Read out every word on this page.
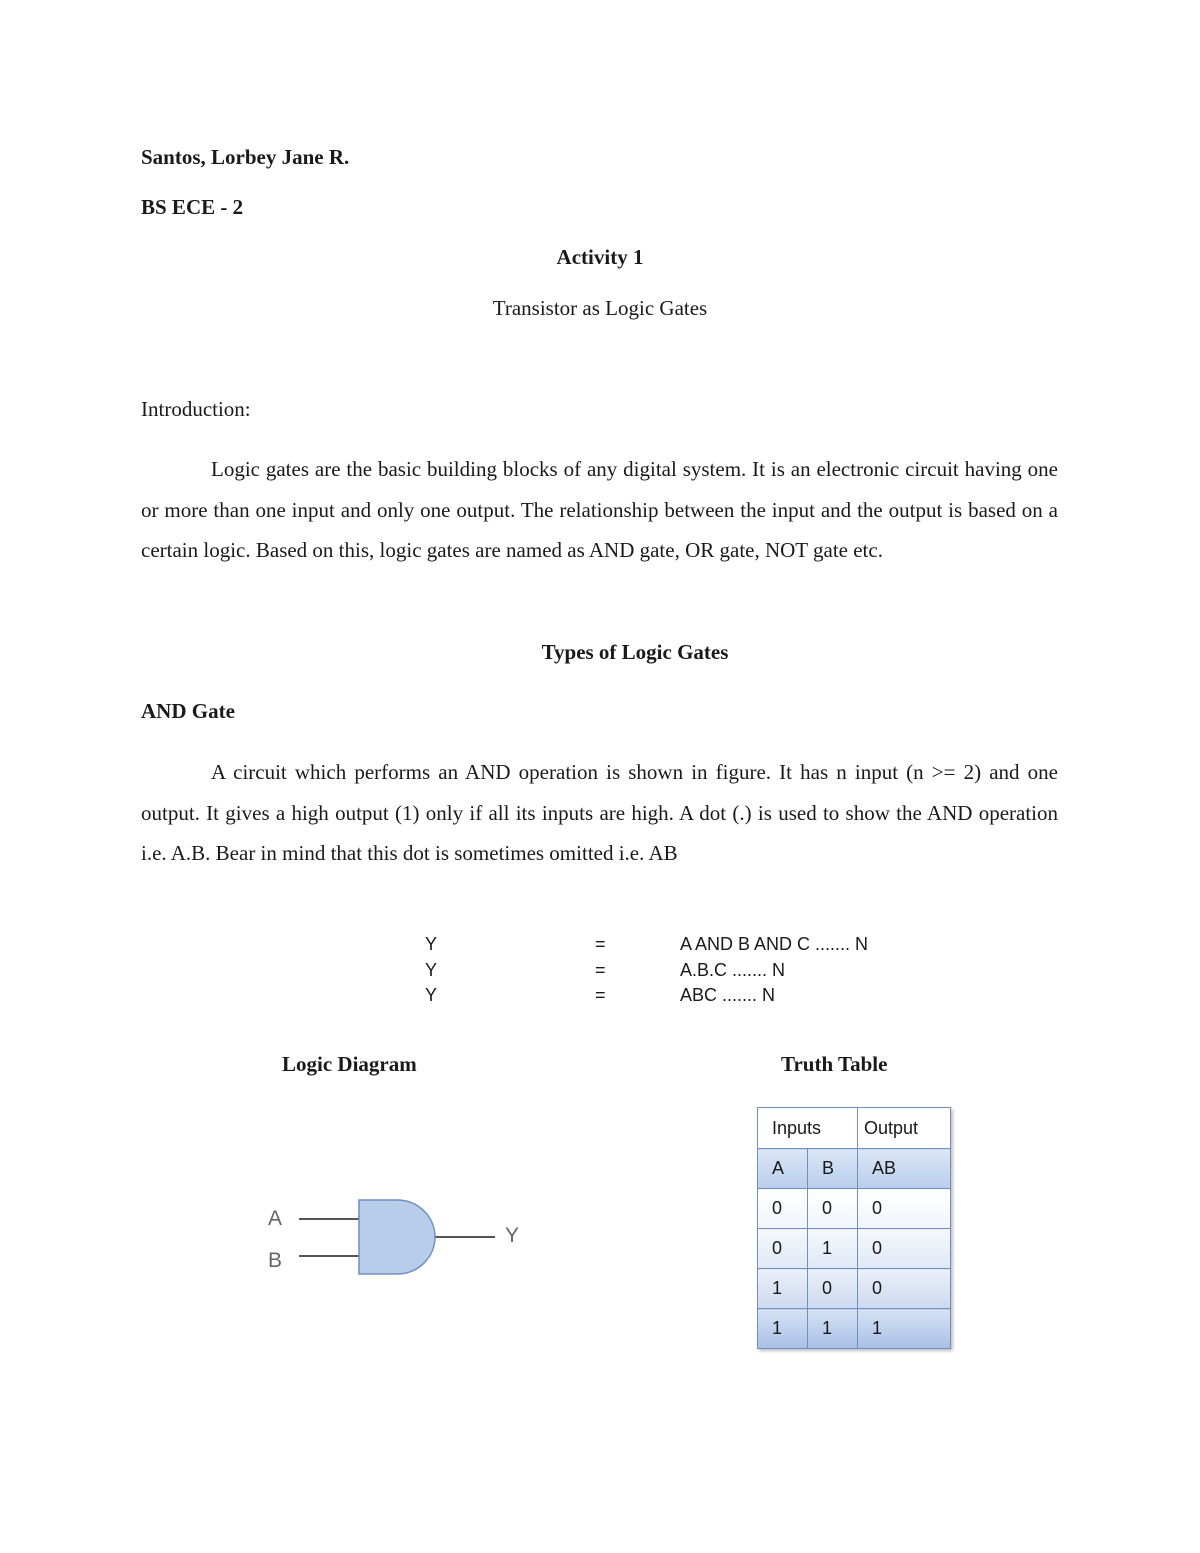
Santos, Lorbey Jane R.
BS ECE - 2
Activity 1
Transistor as Logic Gates
Introduction:

Logic gates are the basic building blocks of any digital system. It is an electronic circuit having one or more than one input and only one output. The relationship between the input and the output is based on a certain logic. Based on this, logic gates are named as AND gate, OR gate, NOT gate etc.

Types of Logic Gates
AND Gate

A circuit which performs an AND operation is shown in figure. It has n input (n >= 2) and one output. It gives a high output (1) only if all its inputs are high. A dot (.) is used to show the AND operation i.e. A.B. Bear in mind that this dot is sometimes omitted i.e. AB

Y	=	A AND B AND C ....... N
Y	=	A.B.C ....... N
Y	=	ABC ....... N
Logic Diagram	Truth Table
A
B
Y
Inputs		Output
A	B	AB
0	0	0
0	1	0
1	0	0
1	1	1
